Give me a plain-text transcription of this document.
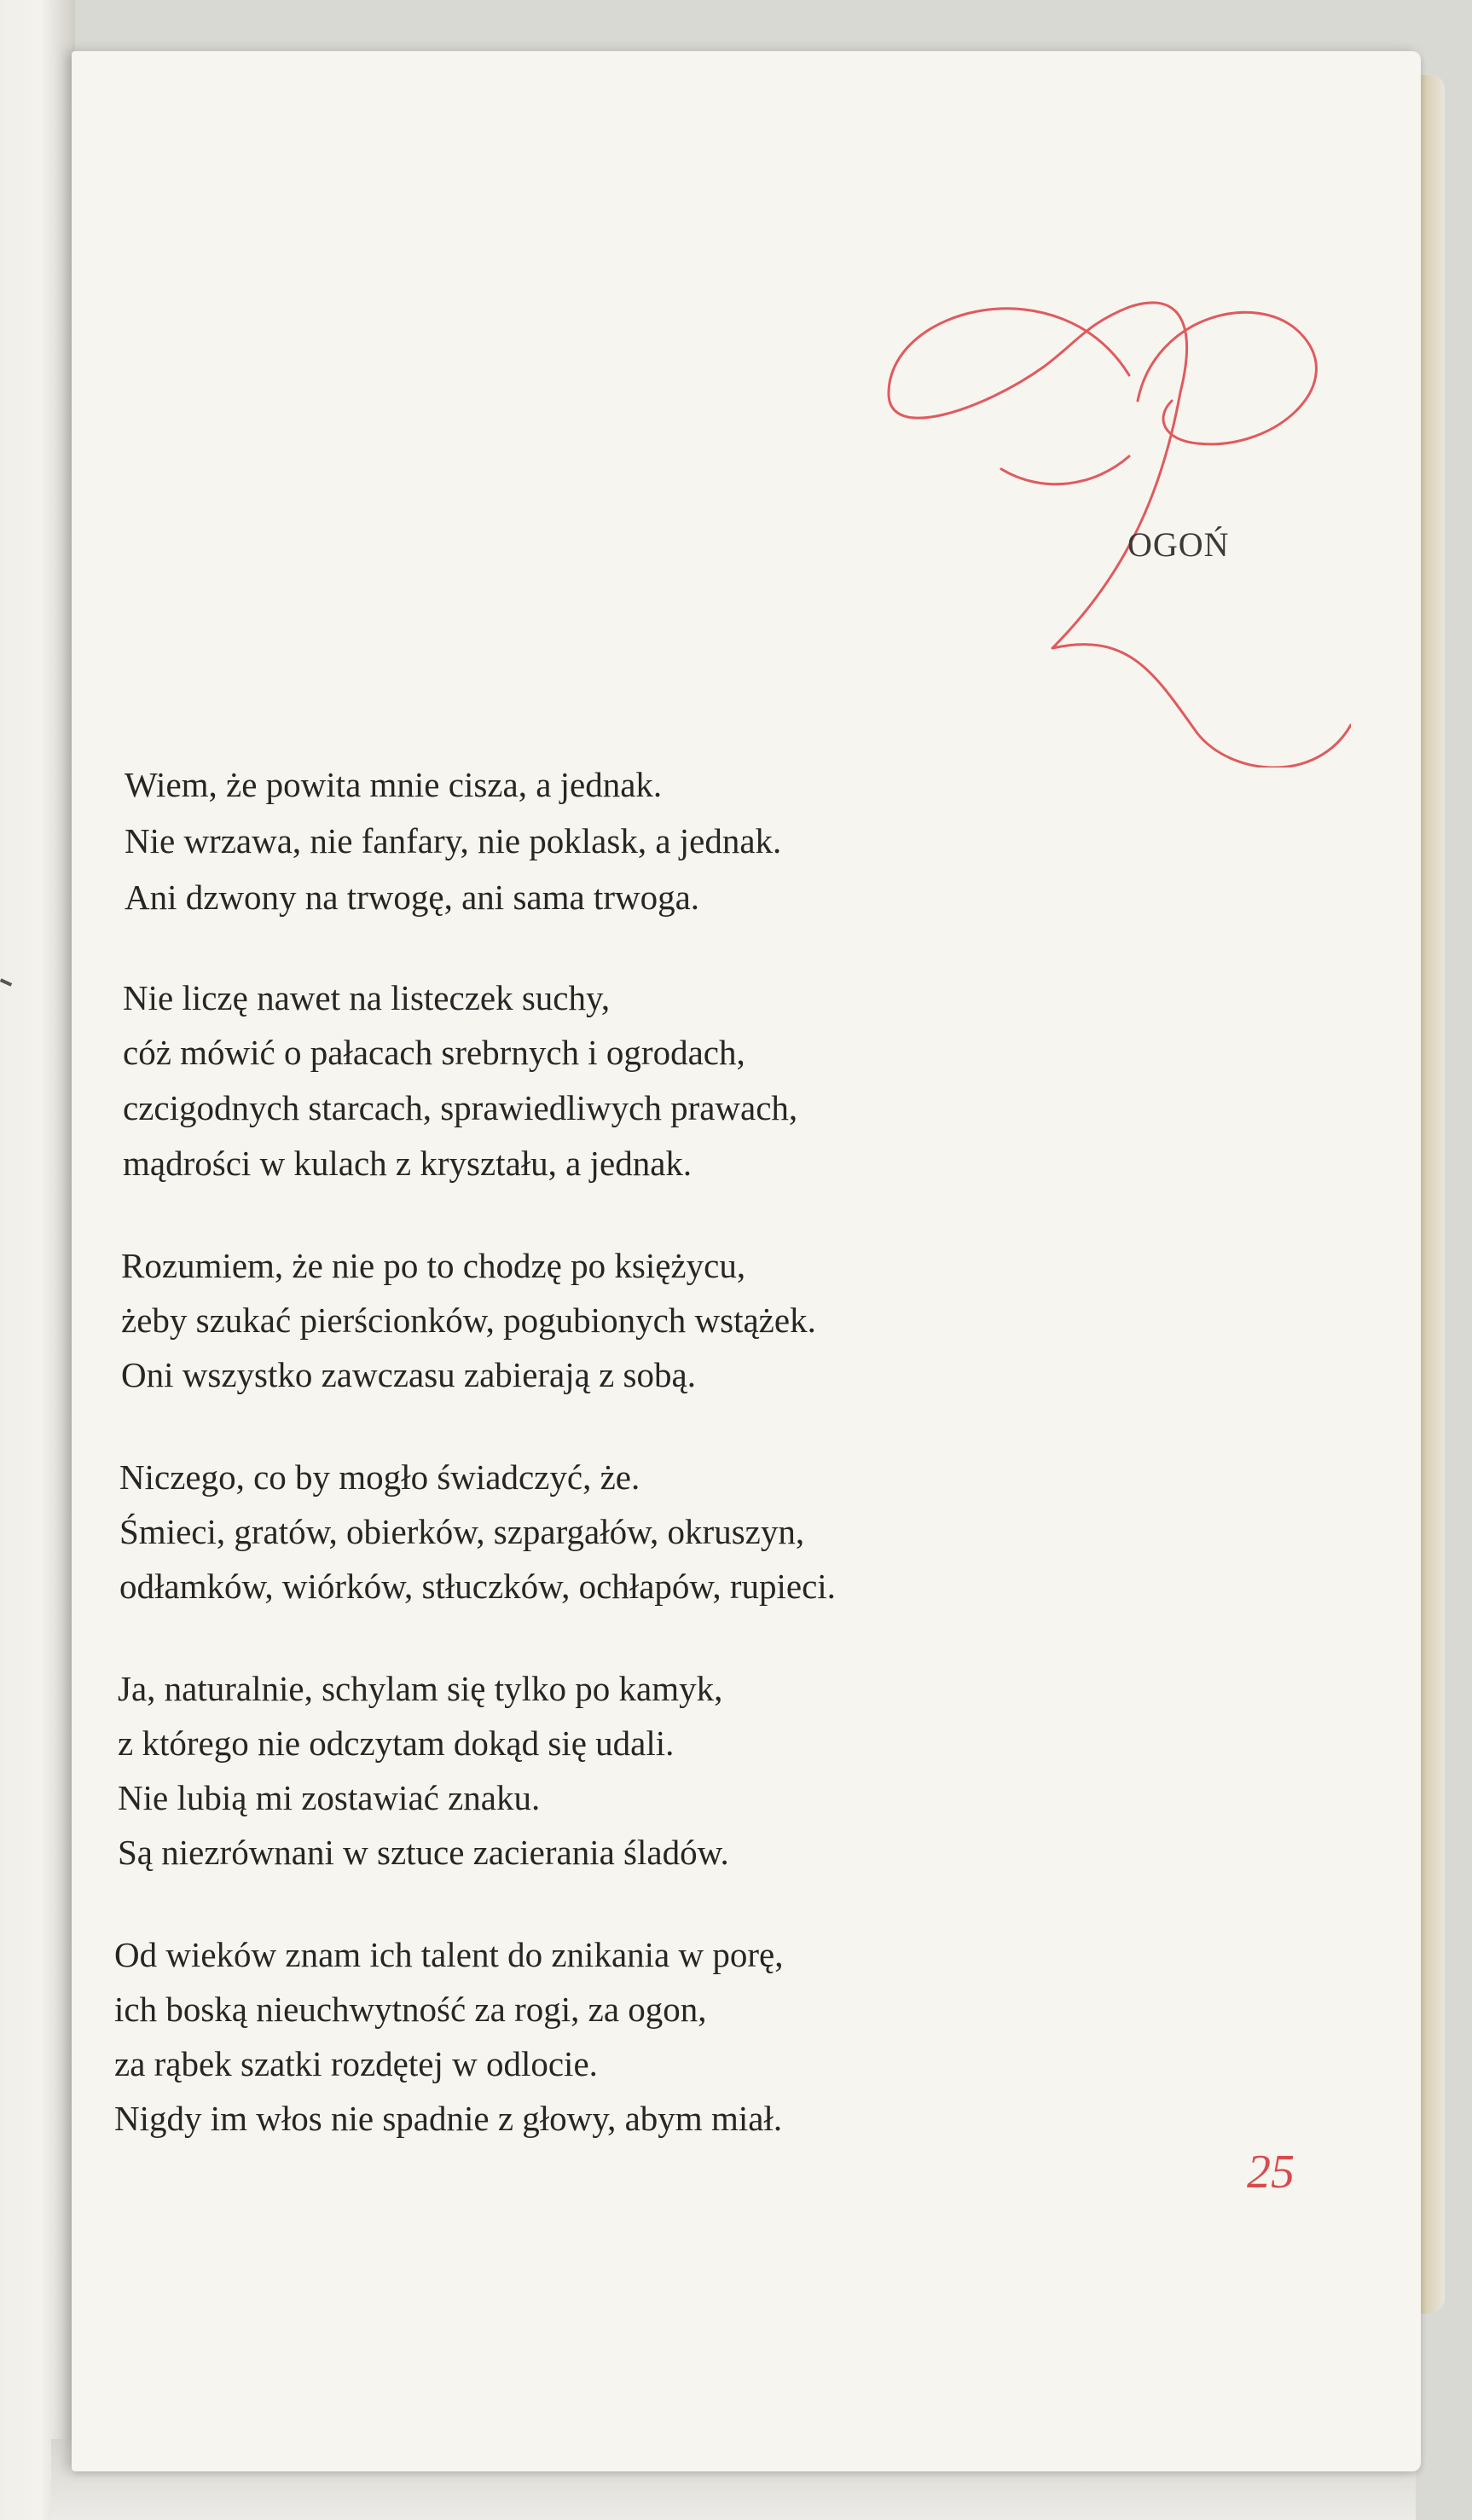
OGOŃ
Wiem, że powita mnie cisza, a jednak.
Nie wrzawa, nie fanfary, nie poklask, a jednak.
Ani dzwony na trwogę, ani sama trwoga.
Nie liczę nawet na listeczek suchy,
cóż mówić o pałacach srebrnych i ogrodach,
czcigodnych starcach, sprawiedliwych prawach,
mądrości w kulach z kryształu, a jednak.
Rozumiem, że nie po to chodzę po księżycu,
żeby szukać pierścionków, pogubionych wstążek.
Oni wszystko zawczasu zabierają z sobą.
Niczego, co by mogło świadczyć, że.
Śmieci, gratów, obierków, szpargałów, okruszyn,
odłamków, wiórków, stłuczków, ochłapów, rupieci.
Ja, naturalnie, schylam się tylko po kamyk,
z którego nie odczytam dokąd się udali.
Nie lubią mi zostawiać znaku.
Są niezrównani w sztuce zacierania śladów.
Od wieków znam ich talent do znikania w porę,
ich boską nieuchwytność za rogi, za ogon,
za rąbek szatki rozdętej w odlocie.
Nigdy im włos nie spadnie z głowy, abym miał.
25
